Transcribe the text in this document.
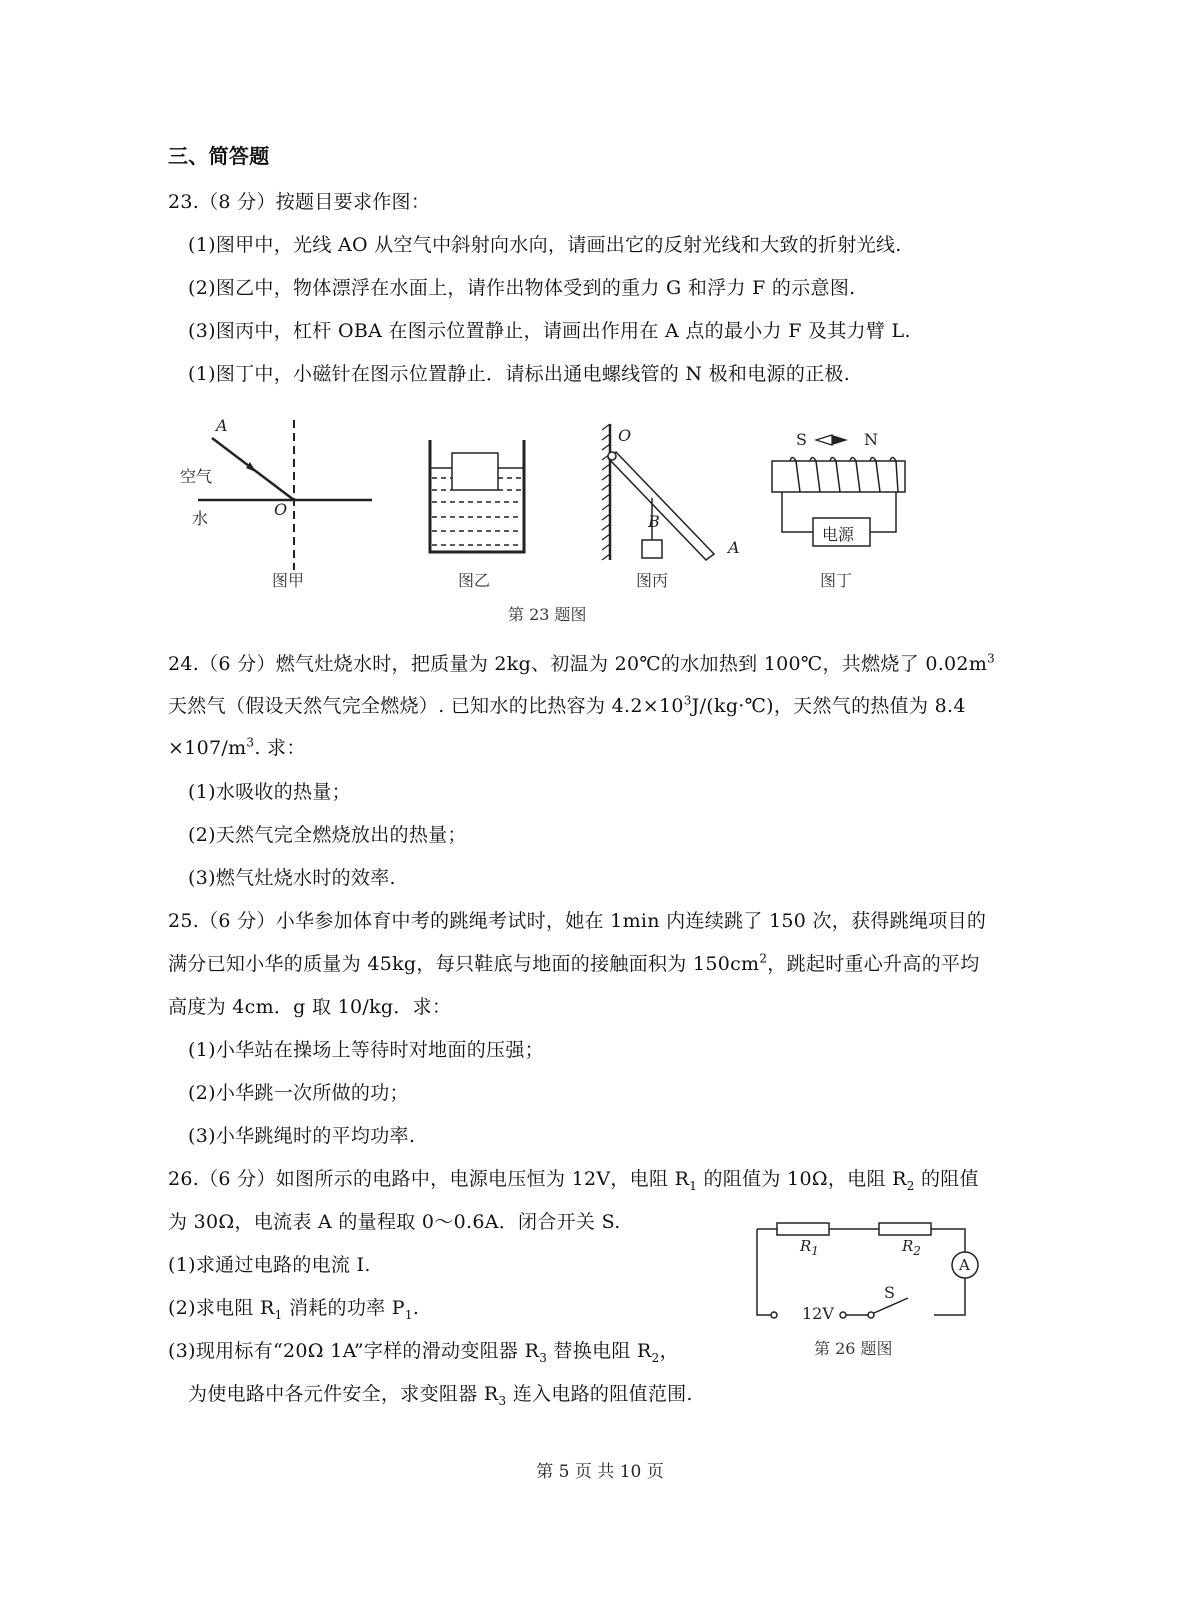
三、简答题
23.（8 分）按题目要求作图：
(1)图甲中，光线 AO 从空气中斜射向水向，请画出它的反射光线和大致的折射光线.
(2)图乙中，物体漂浮在水面上，请作出物体受到的重力 G 和浮力 F 的示意图.
(3)图丙中，杠杆 OBA 在图示位置静止，请画出作用在 A 点的最小力 F 及其力臂 L.
(1)图丁中，小磁针在图示位置静止．请标出通电螺线管的 N 极和电源的正极.
A
空气
O
水
图甲	图乙
O
B
A
图丙
S	N
电源
图丁
第 23 题图
24.（6 分）燃气灶烧水时，把质量为 2kg、初温为 20℃的水加热到 100℃，共燃烧了 $0.02m^3$
天然气（假设天然气完全燃烧）. 已知水的比热容为 $4.2\times 10^3J/(kg\cdot℃)$，天然气的热值为 8.4
$\times 107/m^3$. 求：
(1)水吸收的热量；
(2)天然气完全燃烧放出的热量；
(3)燃气灶烧水时的效率.
25.（6 分）小华参加体育中考的跳绳考试时，她在 1min 内连续跳了 150 次，获得跳绳项目的
满分已知小华的质量为 45kg，每只鞋底与地面的接触面积为 $150cm^2$，跳起时重心升高的平均
高度为 4cm．g 取 10/kg．求：
(1)小华站在操场上等待时对地面的压强；
(2)小华跳一次所做的功；
(3)小华跳绳时的平均功率.
26.（6 分）如图所示的电路中，电源电压恒为 12V，电阻 $R_1$ 的阻值为 10Ω，电阻 $R_2$ 的阻值
为 30Ω，电流表 A 的量程取 0～0.6A．闭合开关 S.
(1)求通过电路的电流 I.
(2)求电阻 $R_1$ 消耗的功率 $P_1$.
(3)现用标有“20Ω 1A”字样的滑动变阻器 $R_3$ 替换电阻 $R_2$，
为使电路中各元件安全，求变阻器 $R_3$ 连入电路的阻值范围.
$R_1$	$R_2$
A
S
12V
第 26 题图
第 5 页 共 10 页
